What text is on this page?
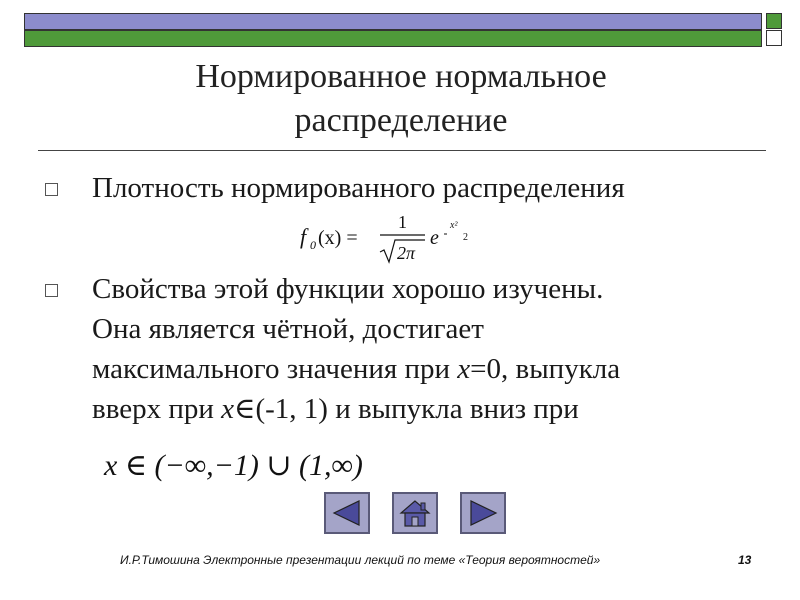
Нормированное нормальное
распределение
Плотность нормированного распределения
f 0 (x) =
1
2π
e
x²
2
Свойства этой функции хорошо изучены.
Она является чётной, достигает
максимального значения при x=0, выпукла
вверх при x∈(-1, 1) и выпукла вниз при
x ∈ (−∞,−1) ∪ (1,∞)
И.Р.Тимошина Электронные презентации лекций по теме «Теория вероятностей»	13
